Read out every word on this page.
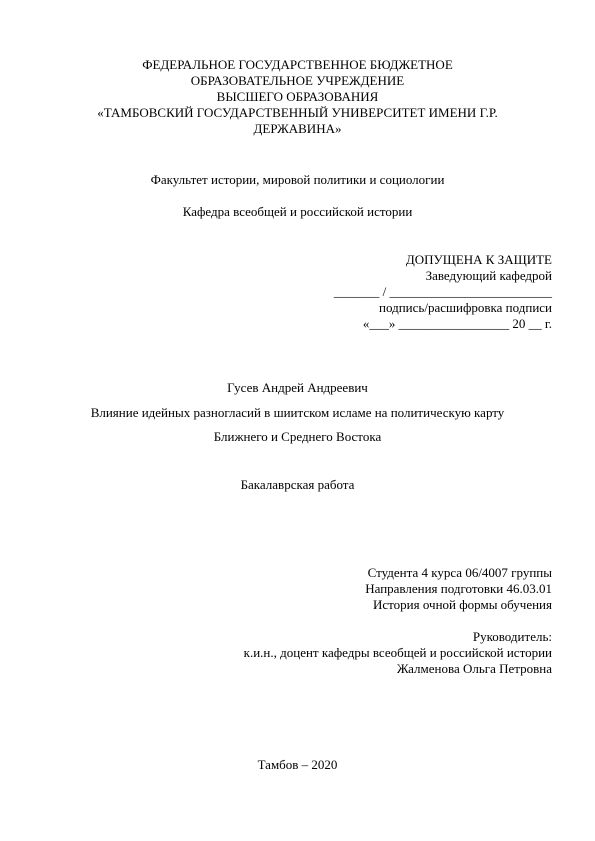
ФЕДЕРАЛЬНОЕ ГОСУДАРСТВЕННОЕ БЮДЖЕТНОЕ
ОБРАЗОВАТЕЛЬНОЕ УЧРЕЖДЕНИЕ
ВЫСШЕГО ОБРАЗОВАНИЯ
«ТАМБОВСКИЙ ГОСУДАРСТВЕННЫЙ УНИВЕРСИТЕТ ИМЕНИ Г.Р.
ДЕРЖАВИНА»
Факультет истории, мировой политики и социологии
Кафедра всеобщей и российской истории
ДОПУЩЕНА К ЗАЩИТЕ
Заведующий кафедрой
_______ / _________________________
подпись/расшифровка подписи
«___» _________________ 20 __ г.
Гусев Андрей Андреевич
Влияние идейных разногласий в шиитском исламе на политическую карту
Ближнего и Среднего Востока
Бакалаврская работа
Студента 4 курса 06/4007 группы
Направления подготовки 46.03.01
История очной формы обучения
Руководитель:
к.и.н., доцент кафедры всеобщей и российской истории
Жалменова Ольга Петровна
Тамбов – 2020
